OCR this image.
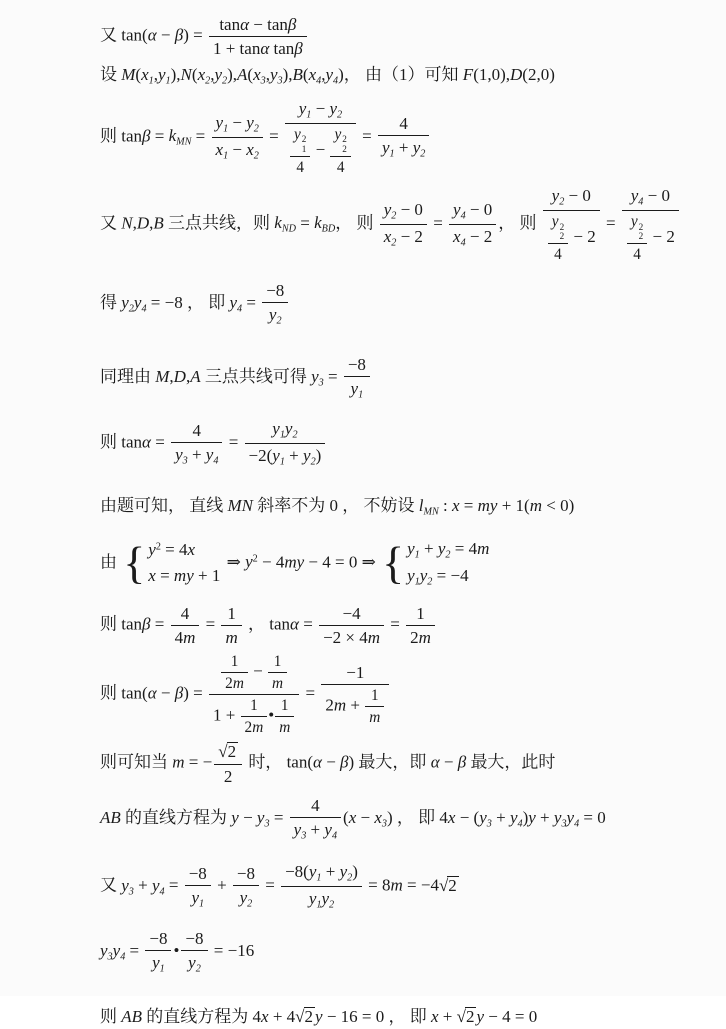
又 $\tan(\alpha - \beta) = \frac{\tan\alpha - \tan\beta}{\text{1 + tanα tanβ}}$
设 M(x1,y1),N(x2,y2),A(x3,y3),B(x4,y4)， 由（1）可知 F(1,0),D(2,0)
则 tanβ = kMN = $\frac{y1 - y2}{x1 - x2} = y1 - y2$
y 2
1
4 − y 2
2
$4 = \frac{4}{y1 + y2}$
又 N,D,B 三点共线，则 kND = kBD， 则 $\frac{y2 - 0}{x2 - 2} = \frac{y4 - 0}{x4 - 2}$ ， 则 y2 − 0
y 2
2
4 − 2 = y4 − 0
y 2
2
4 − 2
得 y2y4 = −8 ， 即 $y4 = \frac{-8}{y2}$
同理由 M,D,A 三点共线可得 $y3 = \frac{-8}{y1}$
则 $\tan\alpha = \frac{4}{y3 + y4} = \frac{y1y2}{-2(y1 + y2)}$
由题可知， 直线 MN 斜率不为 0 ， 不妨设 lMN : x = my + 1(m < 0)
由 { $y^2 = 4x$
x = my + 1
⇒ $y^2 - 4my - 4 = 0$ ⇒ { y1 + y2 = 4m
y1y2 = −4
则 $\tan\beta = \frac{4}{4m} = \frac{1}{m}$ ， $\tan\alpha = \frac{-4}{-2 \times 4m} = \frac{1}{2m}$
则 $\tan(\alpha - \beta) = \frac{\frac{1}{2m} - \frac{1}{m}}{1 + \frac{1}{2m} • \frac{1}{m}} = \frac{-1}{2m + \frac{1}{m}}$
则可知当 m = − $\frac{√2}{2}$ 时， tan(α − β) 最大，即 α − β 最大，此时
AB 的直线方程为 $y - y3 = \frac{4}{y3 + y4} (x - x3)$ ， 即 4x − (y3 + y4)y + y3y4 = 0
又 $y3 + y4 = \frac{-8}{y1} + \frac{-8}{y2} = \frac{-8(y1 + y2)}{y1y2} = 8m = -4√2$
$y3y4 = \frac{-8}{y1}$ • $\frac{-8}{y2} = -16$
则 AB 的直线方程为 4x + 4√2 y − 16 = 0 ， 即 x + √2 y − 4 = 0
